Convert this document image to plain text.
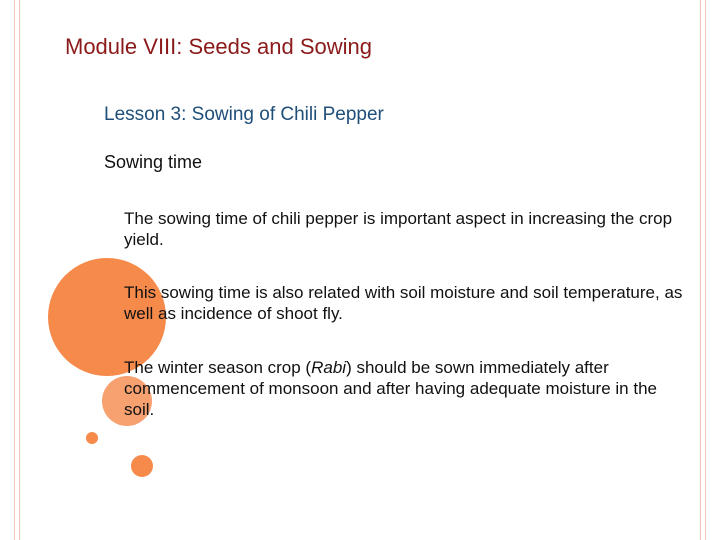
Module VIII: Seeds and Sowing
Lesson 3: Sowing of Chili Pepper
Sowing time

The sowing time of chili pepper is important aspect in increasing the crop yield.

This sowing time is also related with soil moisture and soil temperature, as well as incidence of shoot fly.

The winter season crop (Rabi) should be sown immediately after commencement of monsoon and after having adequate moisture in the soil.
